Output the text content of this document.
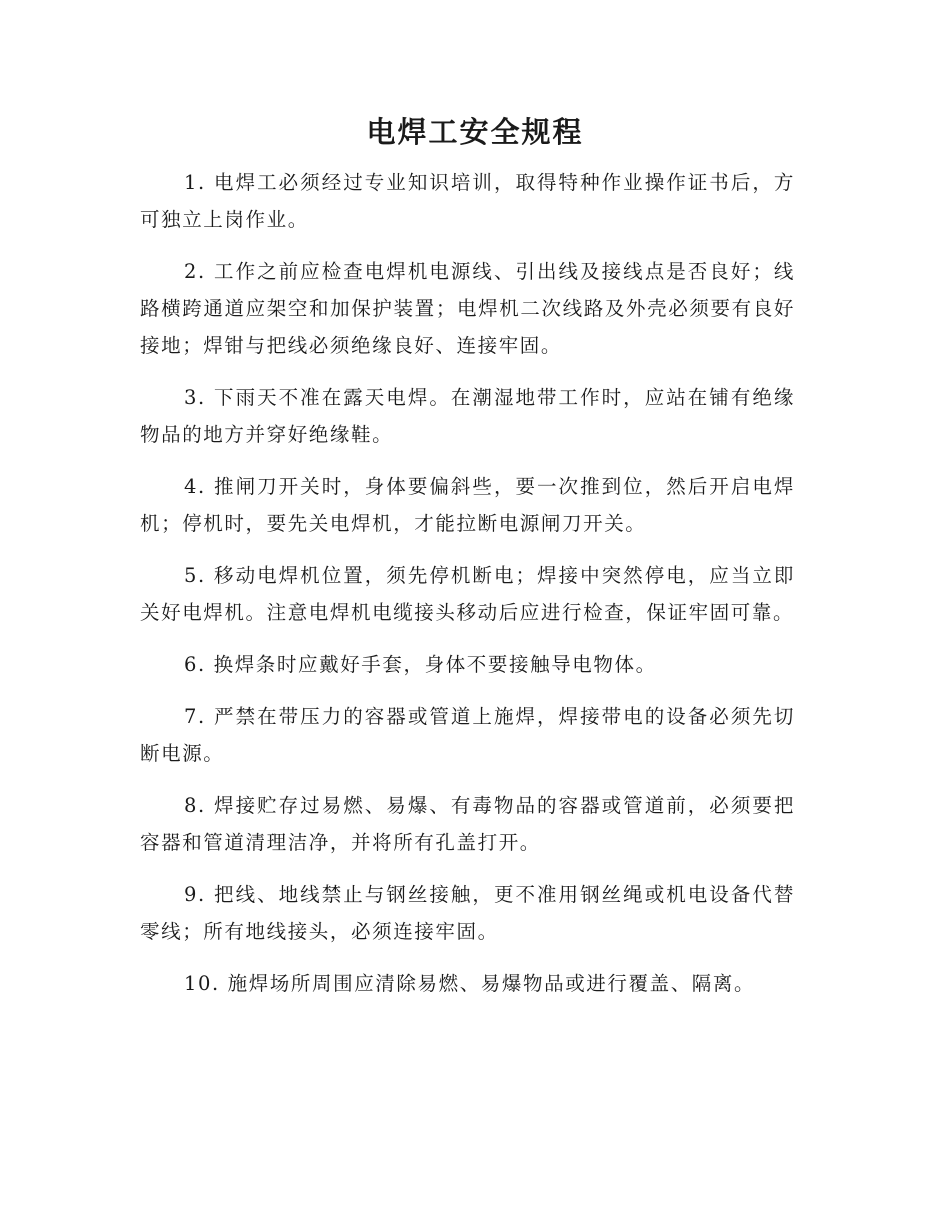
电焊工安全规程

1. 电焊工必须经过专业知识培训，取得特种作业操作证书后，方可独立上岗作业。

2. 工作之前应检查电焊机电源线、引出线及接线点是否良好；线路横跨通道应架空和加保护装置；电焊机二次线路及外壳必须要有良好接地；焊钳与把线必须绝缘良好、连接牢固。

3. 下雨天不准在露天电焊。在潮湿地带工作时，应站在铺有绝缘物品的地方并穿好绝缘鞋。

4. 推闸刀开关时，身体要偏斜些，要一次推到位，然后开启电焊机；停机时，要先关电焊机，才能拉断电源闸刀开关。

5. 移动电焊机位置，须先停机断电；焊接中突然停电，应当立即关好电焊机。注意电焊机电缆接头移动后应进行检查，保证牢固可靠。

6. 换焊条时应戴好手套，身体不要接触导电物体。

7. 严禁在带压力的容器或管道上施焊，焊接带电的设备必须先切断电源。

8. 焊接贮存过易燃、易爆、有毒物品的容器或管道前，必须要把容器和管道清理洁净，并将所有孔盖打开。

9. 把线、地线禁止与钢丝接触，更不准用钢丝绳或机电设备代替零线；所有地线接头，必须连接牢固。

10. 施焊场所周围应清除易燃、易爆物品或进行覆盖、隔离。
